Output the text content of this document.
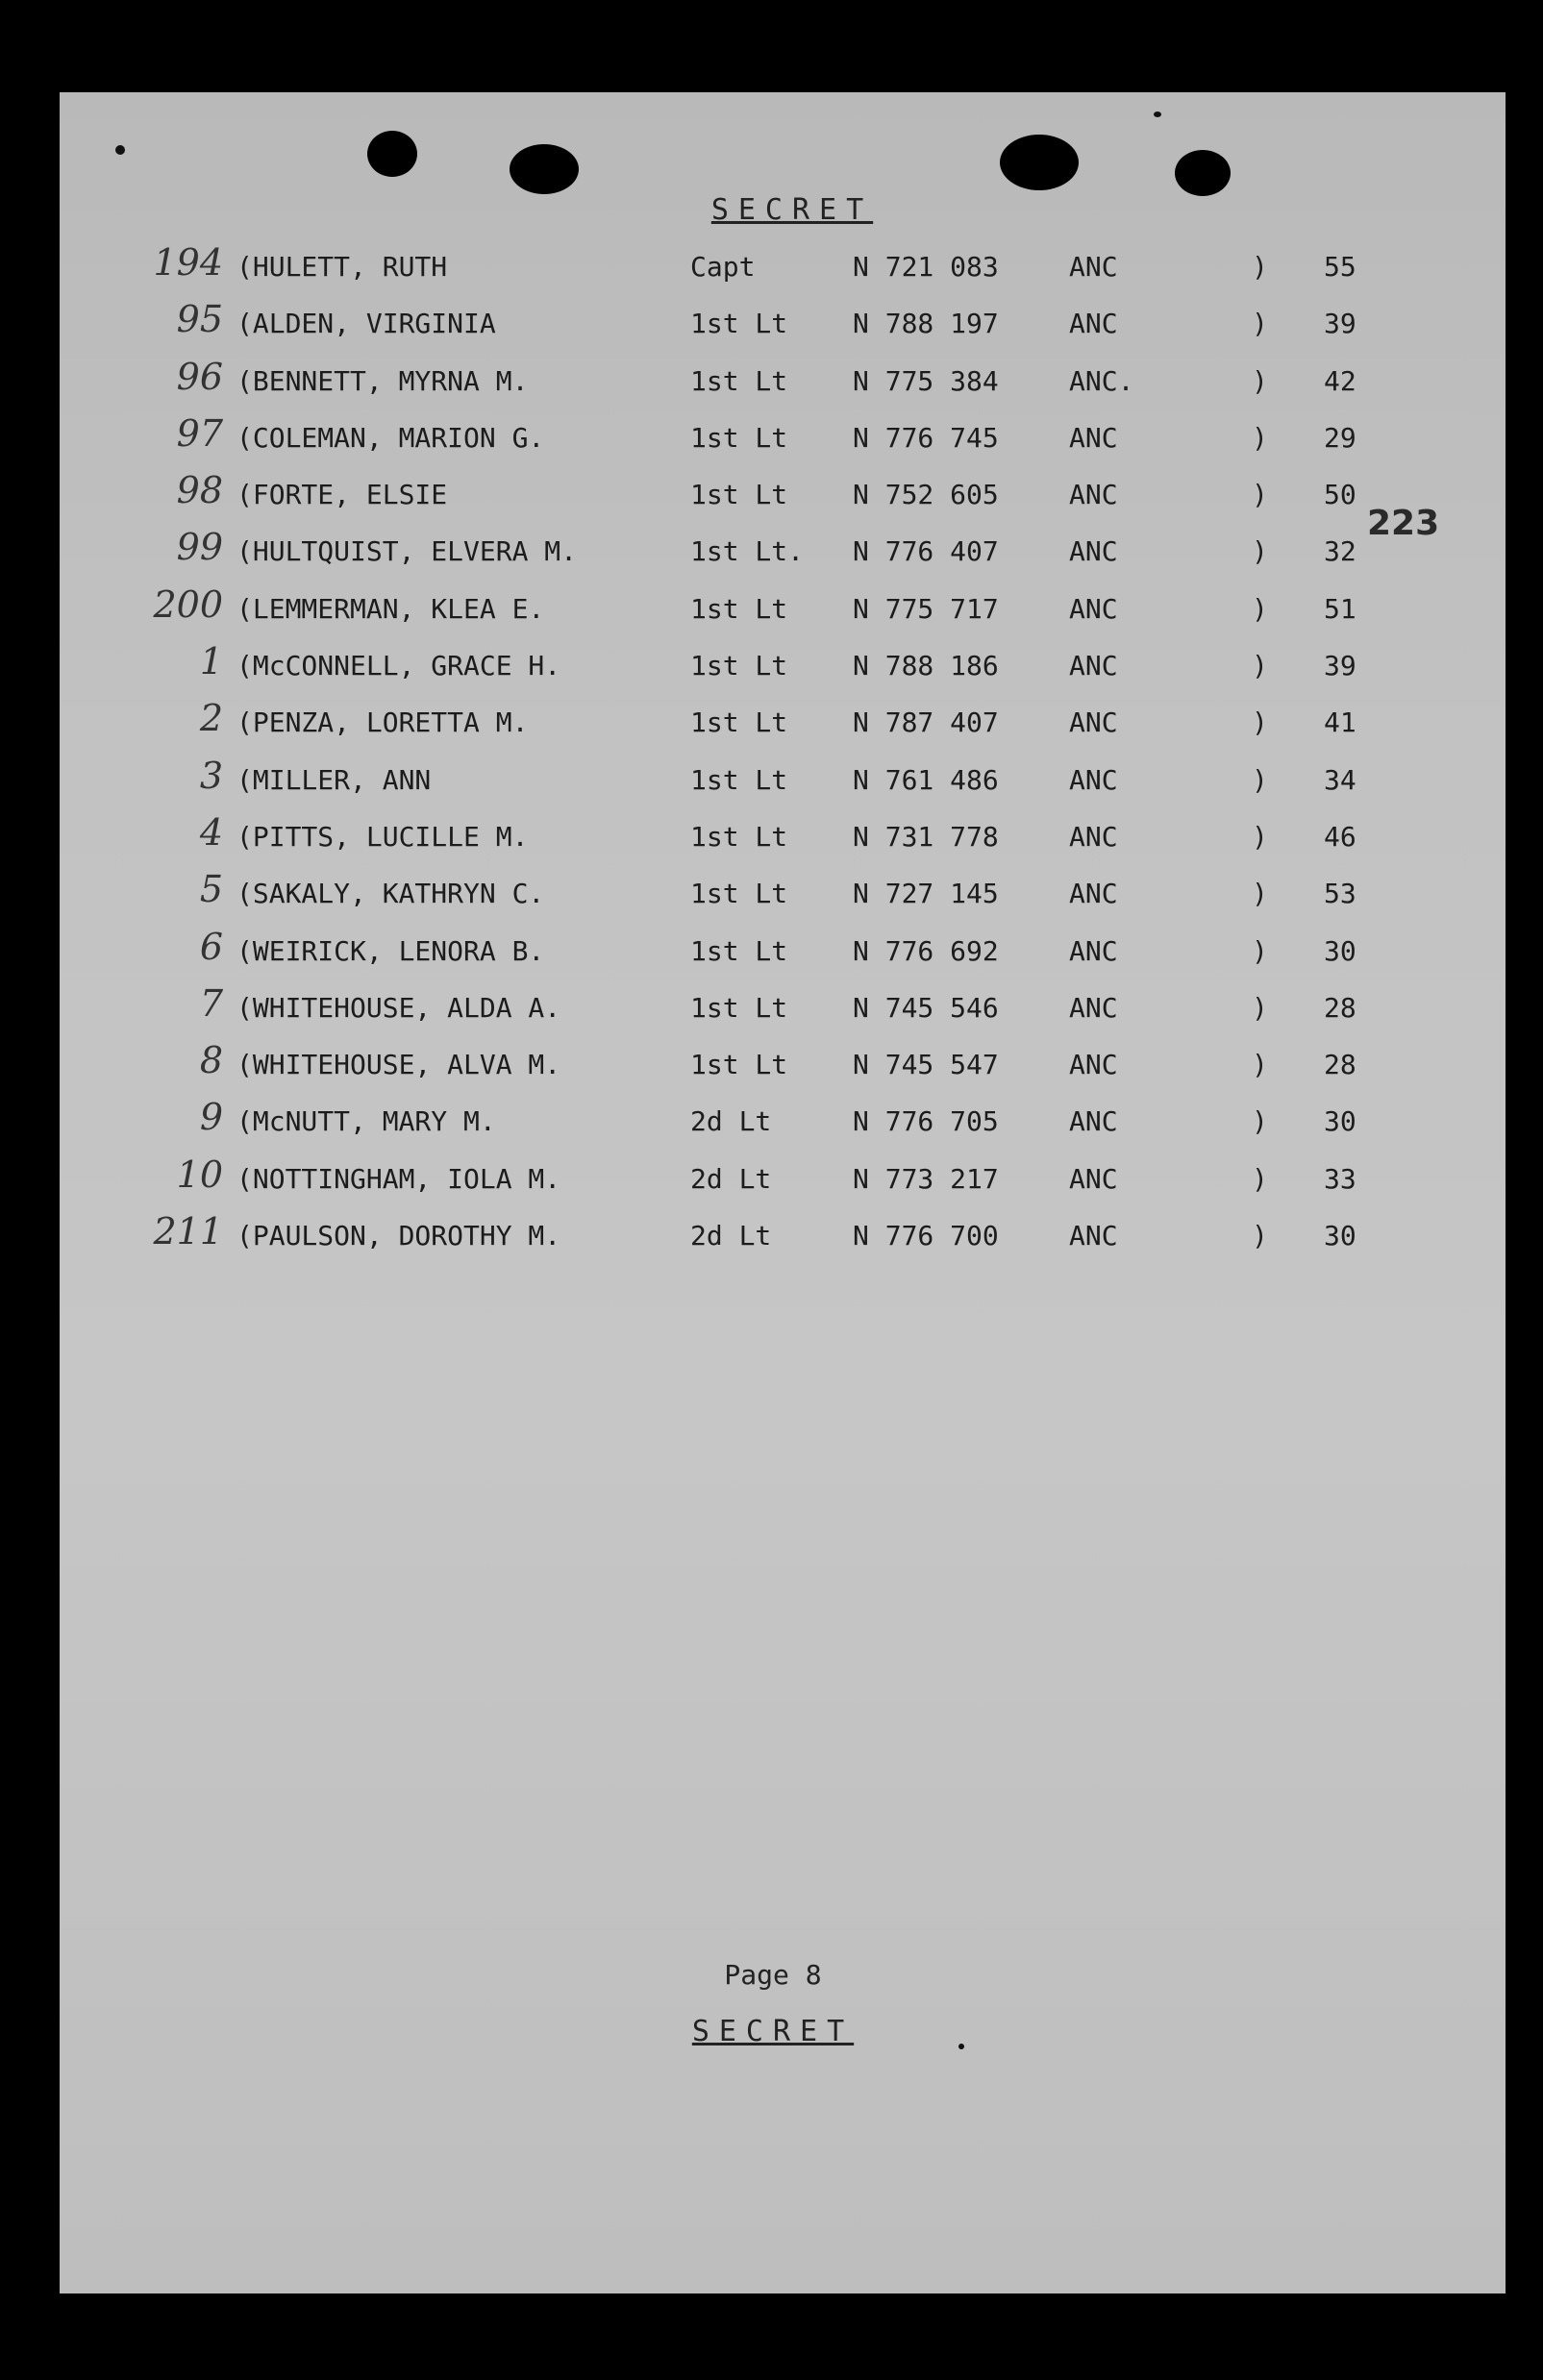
SECRET
223
194 (HULETT, RUTH	Capt	N 721 083	ANC	) 55
95 (ALDEN, VIRGINIA	1st Lt N 788 197	ANC	) 39
96 (BENNETT, MYRNA M.	1st Lt N 775 384	ANC.	) 42
97 (COLEMAN, MARION G.	1st Lt N 776 745	ANC	) 29
98 (FORTE, ELSIE	1st Lt N 752 605	ANC	) 50
99 (HULTQUIST, ELVERA M.	1st Lt. N 776 407	ANC	) 32
200 (LEMMERMAN, KLEA E.	1st Lt N 775 717	ANC	) 51
1 (McCONNELL, GRACE H.	1st Lt N 788 186	ANC	) 39
2 (PENZA, LORETTA M.	1st Lt N 787 407	ANC	) 41
3 (MILLER, ANN	1st Lt N 761 486	ANC	) 34
4 (PITTS, LUCILLE M.	1st Lt N 731 778	ANC	) 46
5 (SAKALY, KATHRYN C.	1st Lt N 727 145	ANC	) 53
6 (WEIRICK, LENORA B.	1st Lt N 776 692	ANC	) 30
7 (WHITEHOUSE, ALDA A.	1st Lt N 745 546	ANC	) 28
8 (WHITEHOUSE, ALVA M.	1st Lt N 745 547	ANC	) 28
9 (McNUTT, MARY M.	2d Lt	N 776 705	ANC	) 30
10 (NOTTINGHAM, IOLA M.	2d Lt	N 773 217	ANC	) 33
211 (PAULSON, DOROTHY M.	2d Lt	N 776 700	ANC	) 30
Page 8
SECRET
